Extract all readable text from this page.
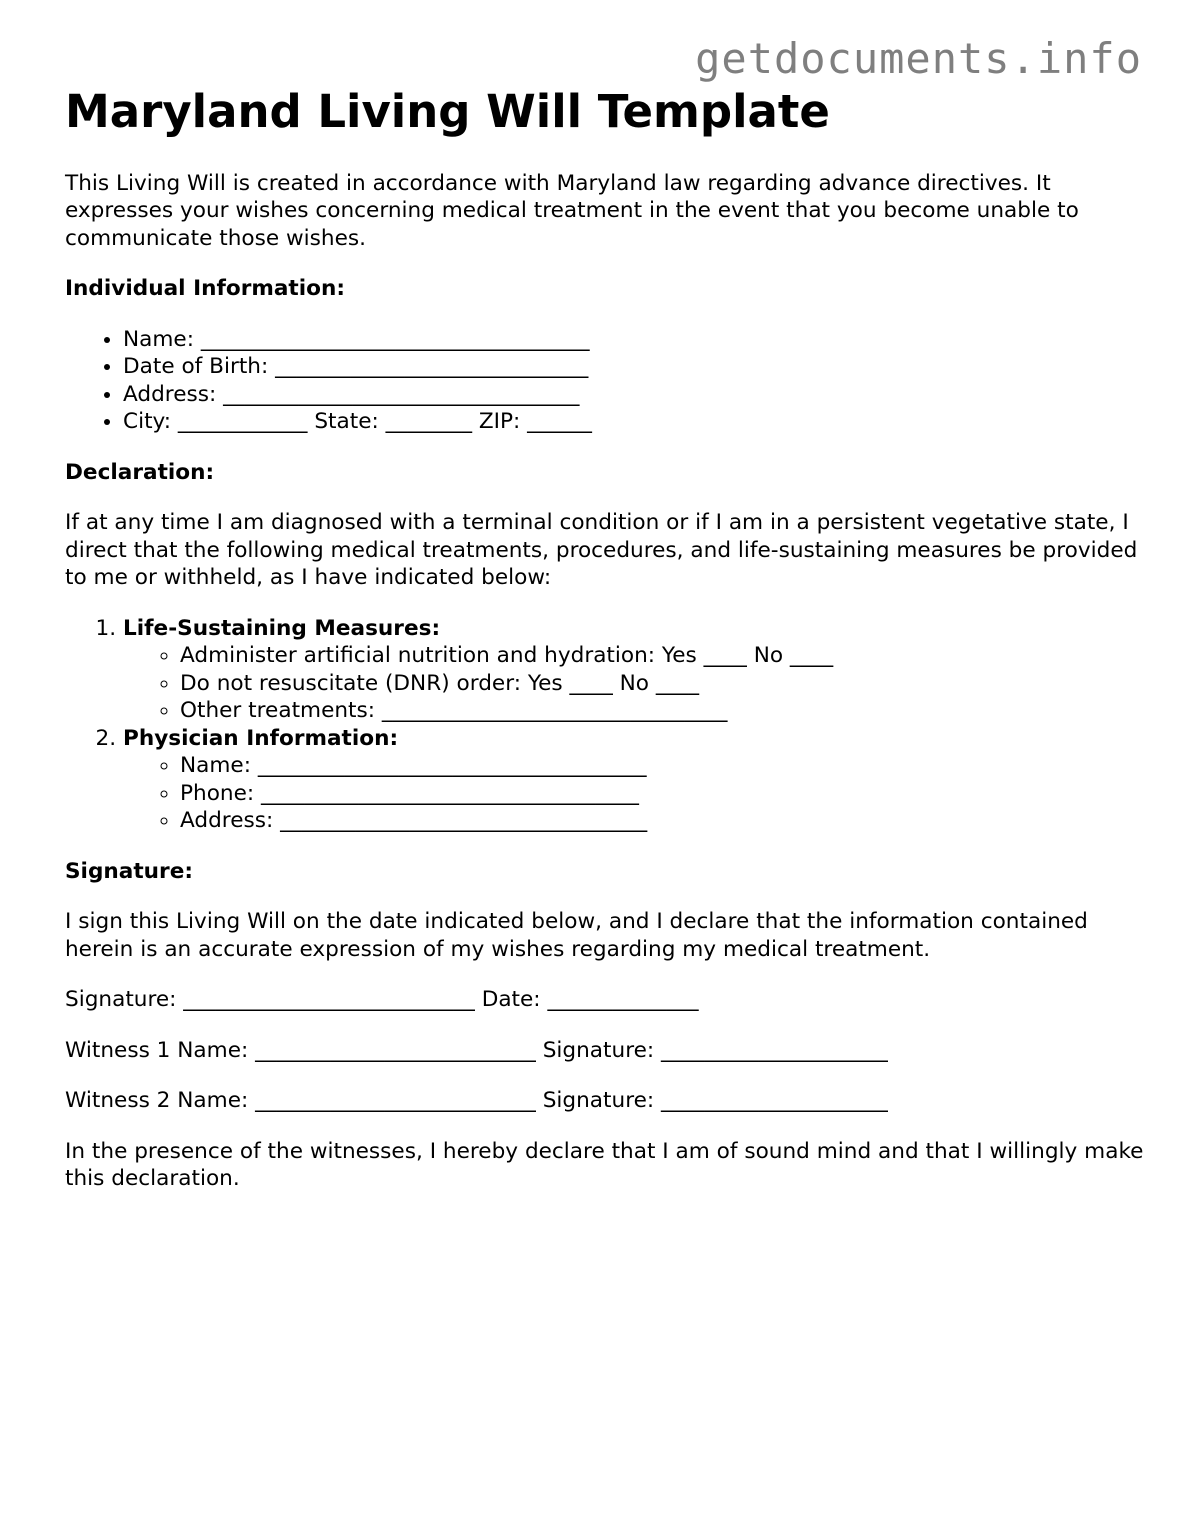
getdocuments.info
Maryland Living Will Template

This Living Will is created in accordance with Maryland law regarding advance directives. It expresses your wishes concerning medical treatment in the event that you become unable to communicate those wishes.

Individual Information:
• Name: ____________________________________
• Date of Birth: _____________________________
• Address: _________________________________
• City: ____________ State: ________ ZIP: ______
Declaration:

If at any time I am diagnosed with a terminal condition or if I am in a persistent vegetative state, I direct that the following medical treatments, procedures, and life-sustaining measures be provided to me or withheld, as I have indicated below:

1. Life-Sustaining Measures:
◦ Administer artificial nutrition and hydration: Yes ____ No ____
◦ Do not resuscitate (DNR) order: Yes ____ No ____
◦ Other treatments: ________________________________
2. Physician Information:
◦ Name: ____________________________________
◦ Phone: ___________________________________
◦ Address: __________________________________
Signature:

I sign this Living Will on the date indicated below, and I declare that the information contained herein is an accurate expression of my wishes regarding my medical treatment.

Signature: ___________________________ Date: ______________

Witness 1 Name: __________________________ Signature: _____________________

Witness 2 Name: __________________________ Signature: _____________________

In the presence of the witnesses, I hereby declare that I am of sound mind and that I willingly make this declaration.
